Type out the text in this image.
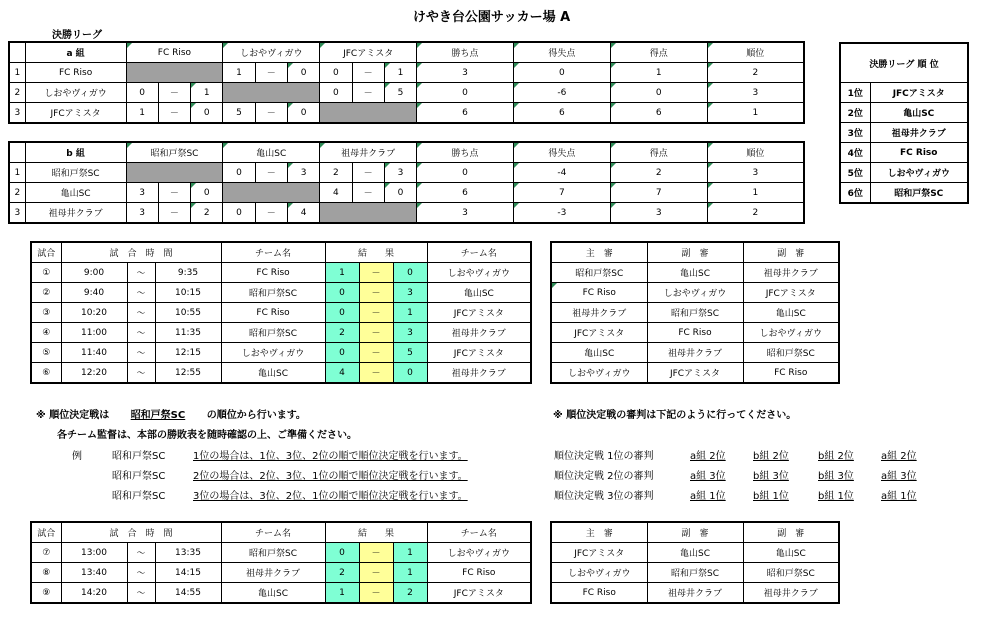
けやき台公園サッカー場 A
決勝リーグ
	a 組	FC Riso			しおやヴィガウ			JFCアミスタ			勝ち点	得失点	得点	順位
1	FC Riso				1	－	0	0	－	1	3	0	1	2
2	しおやヴィガウ	0	－	1				0	－	5	0	-6	0	3
3	JFCアミスタ	1	－	0	5	－	0				6	6	6	1
	b 組	昭和戸祭SC			亀山SC			祖母井クラブ			勝ち点	得失点	得点	順位
1	昭和戸祭SC				0	－	3	2	－	3	0	-4	2	3
2	亀山SC	3	－	0				4	－	0	6	7	7	1
3	祖母井クラブ	3	－	2	0	－	4				3	-3	3	2
決勝リーグ 順 位	
1位	JFCアミスタ
2位	亀山SC
3位	祖母井クラブ
4位	FC Riso
5位	しおやヴィガウ
6位	昭和戸祭SC
試合	試　合　時　間			チーム名	結　　果			チーム名
①	9:00	～	9:35	FC Riso	1	－	0	しおやヴィガウ
②	9:40	～	10:15	昭和戸祭SC	0	－	3	亀山SC
③	10:20	～	10:55	FC Riso	0	－	1	JFCアミスタ
④	11:00	～	11:35	昭和戸祭SC	2	－	3	祖母井クラブ
⑤	11:40	～	12:15	しおやヴィガウ	0	－	5	JFCアミスタ
⑥	12:20	～	12:55	亀山SC	4	－	0	祖母井クラブ
主　審	副　審	副　審
昭和戸祭SC	亀山SC	祖母井クラブ
FC Riso	しおやヴィガウ	JFCアミスタ
祖母井クラブ	昭和戸祭SC	亀山SC
JFCアミスタ	FC Riso	しおやヴィガウ
亀山SC	祖母井クラブ	昭和戸祭SC
しおやヴィガウ	JFCアミスタ	FC Riso
※ 順位決定戦は 昭和戸祭SC の順位から行います。
各チーム監督は、本部の勝敗表を随時確認の上、ご準備ください。
例	昭和戸祭SC	1位の場合は、1位、3位、2位の順で順位決定戦を行います。
昭和戸祭SC	2位の場合は、2位、3位、1位の順で順位決定戦を行います。
昭和戸祭SC	3位の場合は、3位、2位、1位の順で順位決定戦を行います。
※ 順位決定戦の審判は下記のように行ってください。
順位決定戦 1位の審判	a組 2位	b組 2位	b組 2位	a組 2位
順位決定戦 2位の審判	a組 3位	b組 3位	b組 3位	a組 3位
順位決定戦 3位の審判	a組 1位	b組 1位	b組 1位	a組 1位
試合	試　合　時　間			チーム名	結　　果			チーム名
⑦	13:00	～	13:35	昭和戸祭SC	0	－	1	しおやヴィガウ
⑧	13:40	～	14:15	祖母井クラブ	2	－	1	FC Riso
⑨	14:20	～	14:55	亀山SC	1	－	2	JFCアミスタ
主　審	副　審	副　審
JFCアミスタ	亀山SC	亀山SC
しおやヴィガウ	昭和戸祭SC	昭和戸祭SC
FC Riso	祖母井クラブ	祖母井クラブ
